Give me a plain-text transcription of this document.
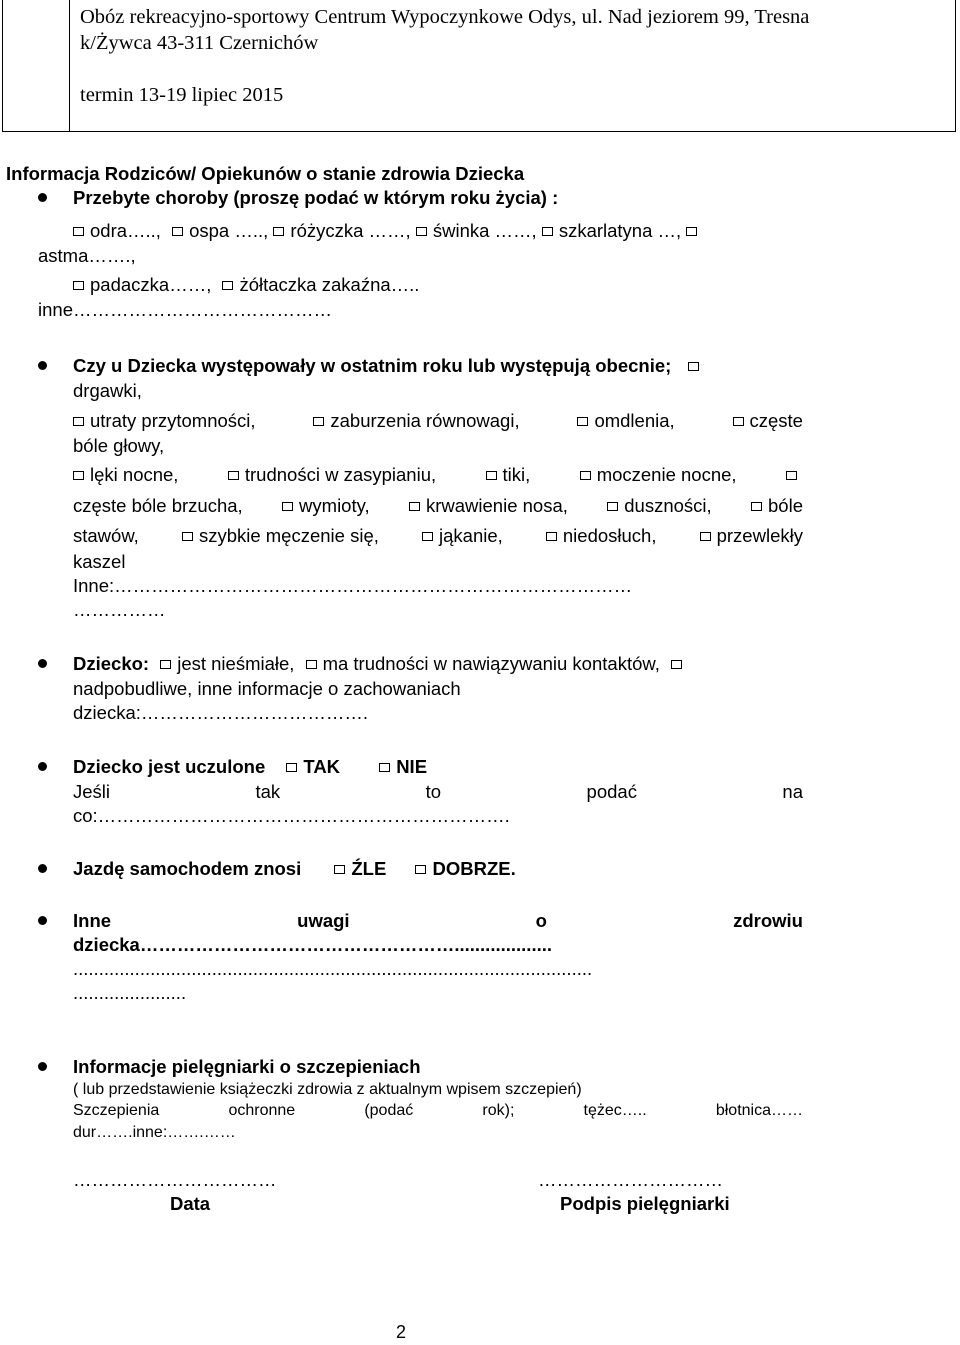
Obóz rekreacyjno-sportowy Centrum Wypoczynkowe Odys, ul. Nad jeziorem 99, Tresna
k/Żywca 43-311 Czernichów
termin 13-19 lipiec 2015
Informacja Rodziców/ Opiekunów o stanie zdrowia Dziecka
Przebyte choroby (proszę podać w którym roku życia) :
odra….., ospa ….., różyczka ……, świnka ……, szkarlatyna …,
astma…….,
padaczka……, żółtaczka zakaźna…..
inne……………………………………
Czy u Dziecka występowały w ostatnim roku lub występują obecnie;
drgawki,
utraty przytomności,	zaburzenia równowagi,	omdlenia,	częste
bóle głowy,
lęki nocne,	trudności w zasypianiu,	tiki,	moczenie nocne,
częste bóle brzucha,	wymioty,	krwawienie nosa,	duszności,	bóle
stawów,	szybkie męczenie się,	jąkanie,	niedosłuch,	przewlekły
kaszel
Inne:…………………………………………………………………………
……………
Dziecko: jest nieśmiałe, ma trudności w nawiązywaniu kontaktów,
nadpobudliwe, inne informacje o zachowaniach
dziecka:……………………………….
Dziecko jest uczulone TAK	NIE
Jeśli	tak	to	podać	na
co:………………………………………………………….
Jazdę samochodem znosi	ŹLE DOBRZE.
Inne	uwagi	o	zdrowiu
dziecka……………………………………………...................
.....................................................................................................
......................
Informacje pielęgniarki o szczepieniach
( lub przedstawienie książeczki zdrowia z aktualnym wpisem szczepień)
Szczepienia	ochronne	(podać	rok);	tężec…..	błotnica……
dur…….inne:…….……
……………………………	…………………………
Data	Podpis pielęgniarki
2
